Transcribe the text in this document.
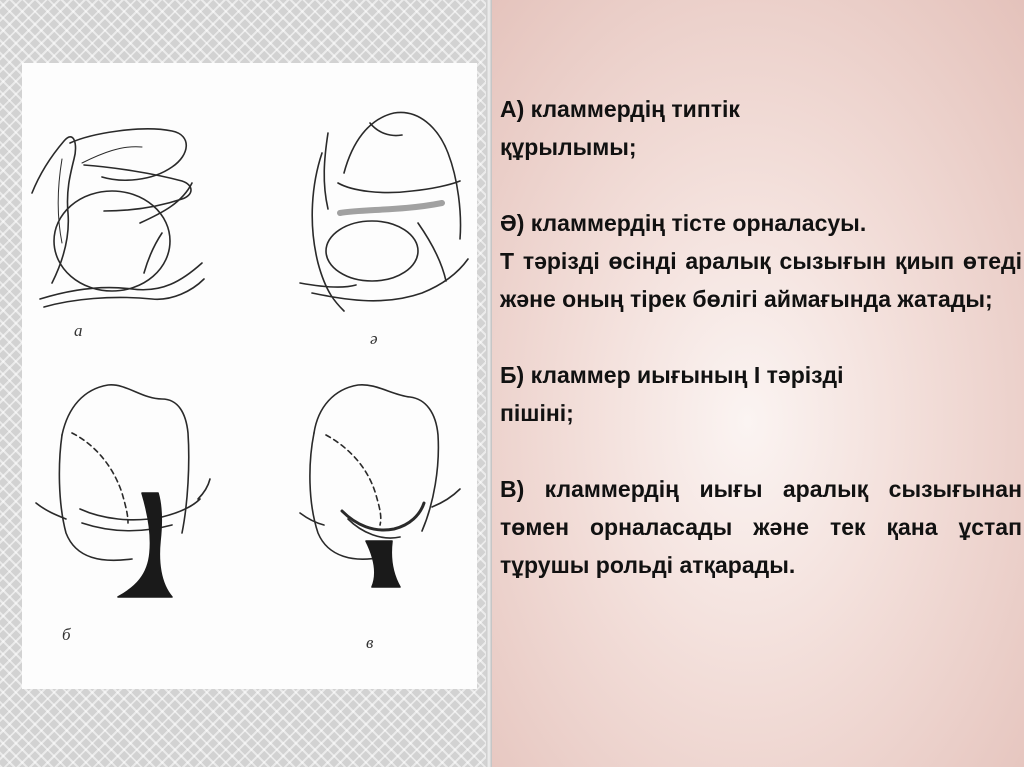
а	ә
б	в
А) кламмердің типтік
құрылымы;
Ә) кламмердің тісте орналасуы.
Т тәрізді өсінді аралық сызығын қиып өтеді және оның тірек бөлігі аймағында жатады;
Б) кламмер иығының І тәрізді
пішіні;
В) кламмердің иығы аралық сызығынан төмен орналасады және тек қана ұстап тұрушы рольді атқарады.
